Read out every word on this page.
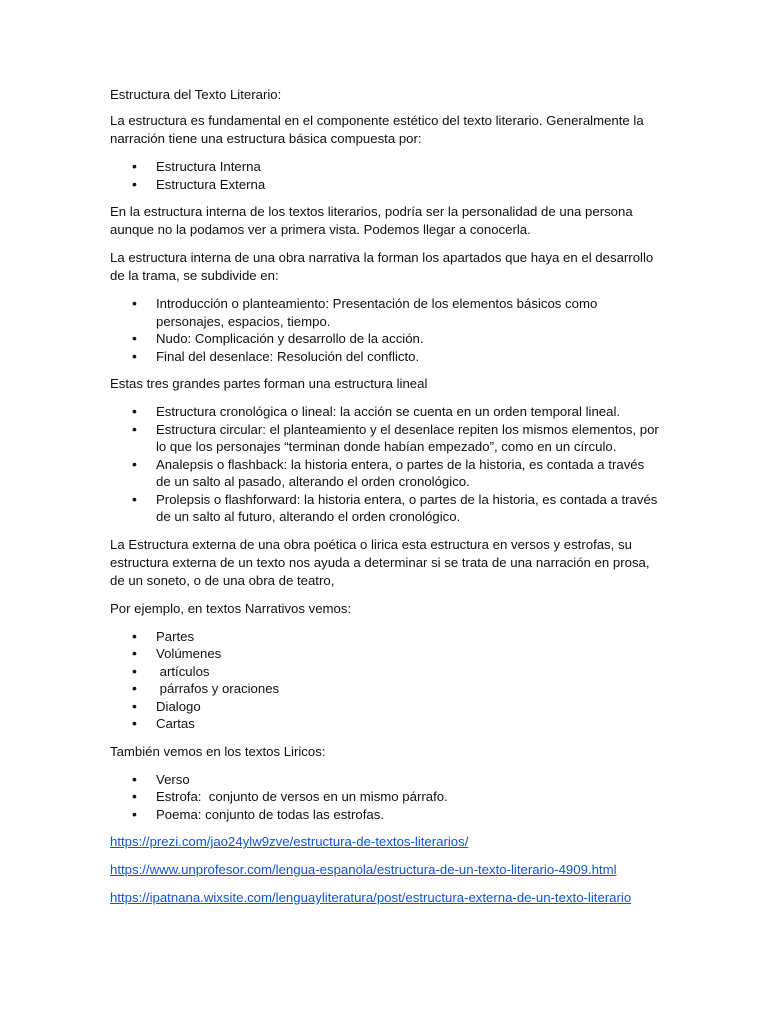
Estructura del Texto Literario:

La estructura es fundamental en el componente estético del texto literario. Generalmente la narración tiene una estructura básica compuesta por:

• Estructura Interna
• Estructura Externa

En la estructura interna de los textos literarios, podría ser la personalidad de una persona aunque no la podamos ver a primera vista. Podemos llegar a conocerla.

La estructura interna de una obra narrativa la forman los apartados que haya en el desarrollo de la trama, se subdivide en:

• Introducción o planteamiento: Presentación de los elementos básicos como personajes, espacios, tiempo.
• Nudo: Complicación y desarrollo de la acción.
• Final del desenlace: Resolución del conflicto.

Estas tres grandes partes forman una estructura lineal

• Estructura cronológica o lineal: la acción se cuenta en un orden temporal lineal.
• Estructura circular: el planteamiento y el desenlace repiten los mismos elementos, por lo que los personajes “terminan donde habían empezado”, como en un círculo.
• Analepsis o flashback: la historia entera, o partes de la historia, es contada a través de un salto al pasado, alterando el orden cronológico.
• Prolepsis o flashforward: la historia entera, o partes de la historia, es contada a través de un salto al futuro, alterando el orden cronológico.

La Estructura externa de una obra poética o lirica esta estructura en versos y estrofas, su estructura externa de un texto nos ayuda a determinar si se trata de una narración en prosa, de un soneto, o de una obra de teatro,

Por ejemplo, en textos Narrativos vemos:

• Partes
• Volúmenes
•  artículos
•  párrafos y oraciones
• Dialogo
• Cartas

También vemos en los textos Liricos:

• Verso
• Estrofa:  conjunto de versos en un mismo párrafo.
• Poema: conjunto de todas las estrofas.
https://prezi.com/jao24ylw9zve/estructura-de-textos-literarios/
https://www.unprofesor.com/lengua-espanola/estructura-de-un-texto-literario-4909.html
https://ipatnana.wixsite.com/lenguayliteratura/post/estructura-externa-de-un-texto-literario
